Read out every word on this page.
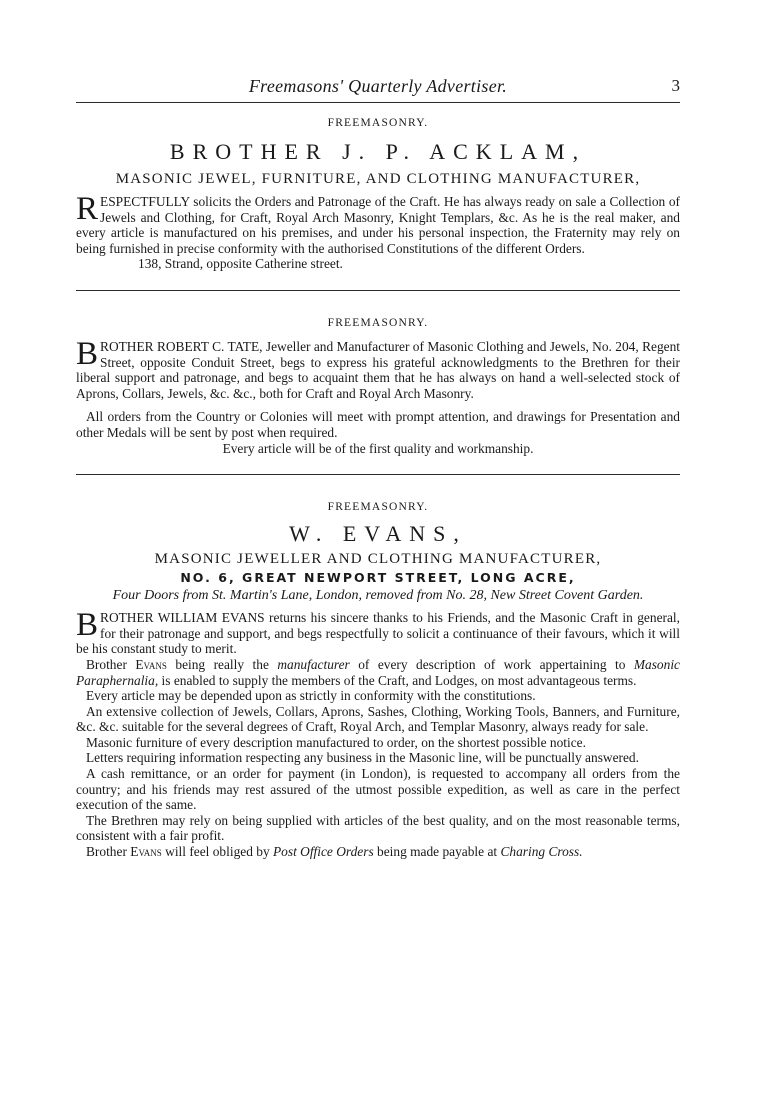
Freemasons' Quarterly Advertiser.	3

FREEMASONRY.

BROTHER J. P. ACKLAM,

MASONIC JEWEL, FURNITURE, AND CLOTHING MANUFACTURER,

RESPECTFULLY solicits the Orders and Patronage of the Craft. He has always ready on sale a Collection of Jewels and Clothing, for Craft, Royal Arch Masonry, Knight Templars, &c. As he is the real maker, and every article is manufactured on his premises, and under his personal inspection, the Fraternity may rely on being furnished in precise conformity with the authorised Constitutions of the different Orders.

138, Strand, opposite Catherine street.

FREEMASONRY.

BROTHER ROBERT C. TATE, Jeweller and Manufacturer of Masonic Clothing and Jewels, No. 204, Regent Street, opposite Conduit Street, begs to express his grateful acknowledgments to the Brethren for their liberal support and patronage, and begs to acquaint them that he has always on hand a well-selected stock of Aprons, Collars, Jewels, &c. &c., both for Craft and Royal Arch Masonry.

All orders from the Country or Colonies will meet with prompt attention, and drawings for Presentation and other Medals will be sent by post when required.

Every article will be of the first quality and workmanship.

FREEMASONRY.

W. EVANS,

MASONIC JEWELLER AND CLOTHING MANUFACTURER,

NO. 6, GREAT NEWPORT STREET, LONG ACRE,

Four Doors from St. Martin's Lane, London, removed from No. 28, New Street Covent Garden.

BROTHER WILLIAM EVANS returns his sincere thanks to his Friends, and the Masonic Craft in general, for their patronage and support, and begs respectfully to solicit a continuance of their favours, which it will be his constant study to merit.

Brother Evans being really the manufacturer of every description of work appertaining to Masonic Paraphernalia, is enabled to supply the members of the Craft, and Lodges, on most advantageous terms.

Every article may be depended upon as strictly in conformity with the constitutions.

An extensive collection of Jewels, Collars, Aprons, Sashes, Clothing, Working Tools, Banners, and Furniture, &c. &c. suitable for the several degrees of Craft, Royal Arch, and Templar Masonry, always ready for sale.

Masonic furniture of every description manufactured to order, on the shortest possible notice.

Letters requiring information respecting any business in the Masonic line, will be punctually answered.

A cash remittance, or an order for payment (in London), is requested to accompany all orders from the country; and his friends may rest assured of the utmost possible expedition, as well as care in the perfect execution of the same.

The Brethren may rely on being supplied with articles of the best quality, and on the most reasonable terms, consistent with a fair profit.

Brother Evans will feel obliged by Post Office Orders being made payable at Charing Cross.
